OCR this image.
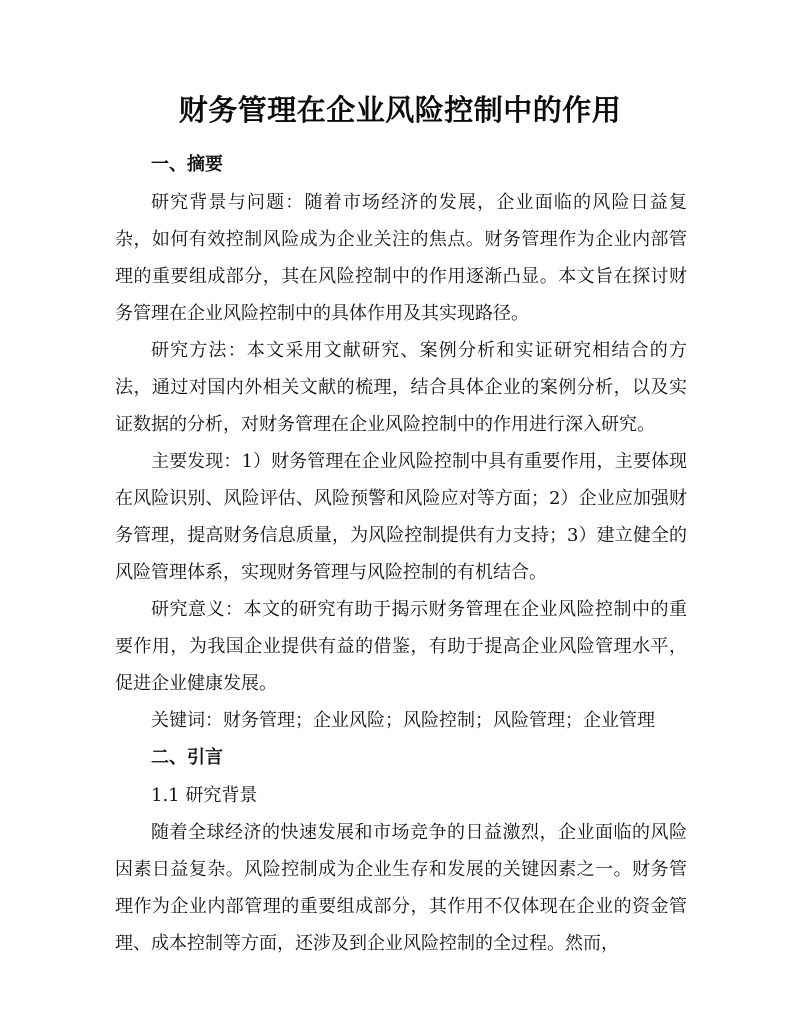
财务管理在企业风险控制中的作用
一、摘要

研究背景与问题：随着市场经济的发展，企业面临的风险日益复杂，如何有效控制风险成为企业关注的焦点。财务管理作为企业内部管理的重要组成部分，其在风险控制中的作用逐渐凸显。本文旨在探讨财务管理在企业风险控制中的具体作用及其实现路径。

研究方法：本文采用文献研究、案例分析和实证研究相结合的方法，通过对国内外相关文献的梳理，结合具体企业的案例分析，以及实证数据的分析，对财务管理在企业风险控制中的作用进行深入研究。

主要发现：1）财务管理在企业风险控制中具有重要作用，主要体现在风险识别、风险评估、风险预警和风险应对等方面；2）企业应加强财务管理，提高财务信息质量，为风险控制提供有力支持；3）建立健全的风险管理体系，实现财务管理与风险控制的有机结合。

研究意义：本文的研究有助于揭示财务管理在企业风险控制中的重要作用，为我国企业提供有益的借鉴，有助于提高企业风险管理水平，促进企业健康发展。

关键词：财务管理；企业风险；风险控制；风险管理；企业管理

二、引言

1.1 研究背景

随着全球经济的快速发展和市场竞争的日益激烈，企业面临的风险因素日益复杂。风险控制成为企业生存和发展的关键因素之一。财务管理作为企业内部管理的重要组成部分，其作用不仅体现在企业的资金管理、成本控制等方面，还涉及到企业风险控制的全过程。然而，
